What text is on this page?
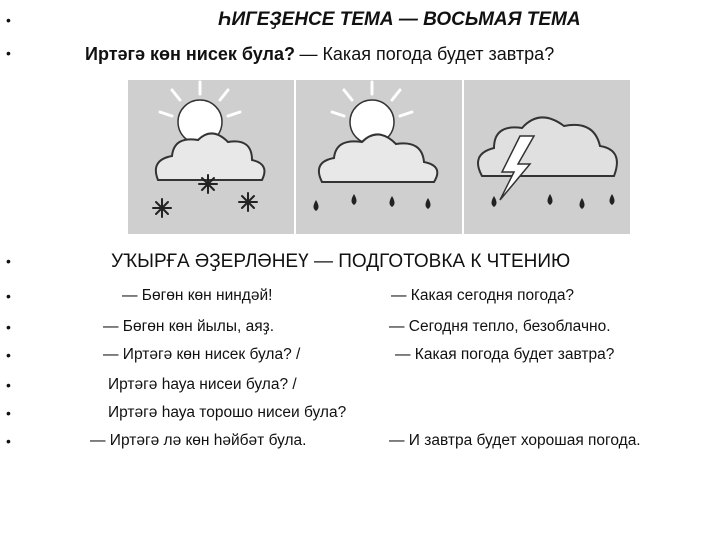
•
•
•
•
•
•
•
•
•
ҺИГЕҘЕНСЕ ТЕМА — ВОСЬМАЯ ТЕМА
Иртәгә көн нисек була? — Какая погода будет завтра?
УҠЫРҒА ӘҘЕРЛӘНЕҮ — ПОДГОТОВКА К ЧТЕНИЮ
— Бөгөн көн ниндәй!	— Какая сегодня погода?
— Бөгөн көн йылы, аяҙ.	— Сегодня тепло, безоблачно.
— Иртәгә көн нисек була? /	— Какая погода будет завтра?
Иртәгә һауа нисеи була? /
Иртәгә һауа торошо нисеи була?
— Иртәгә лә көн һәйбәт була.	— И завтра будет хорошая погода.
